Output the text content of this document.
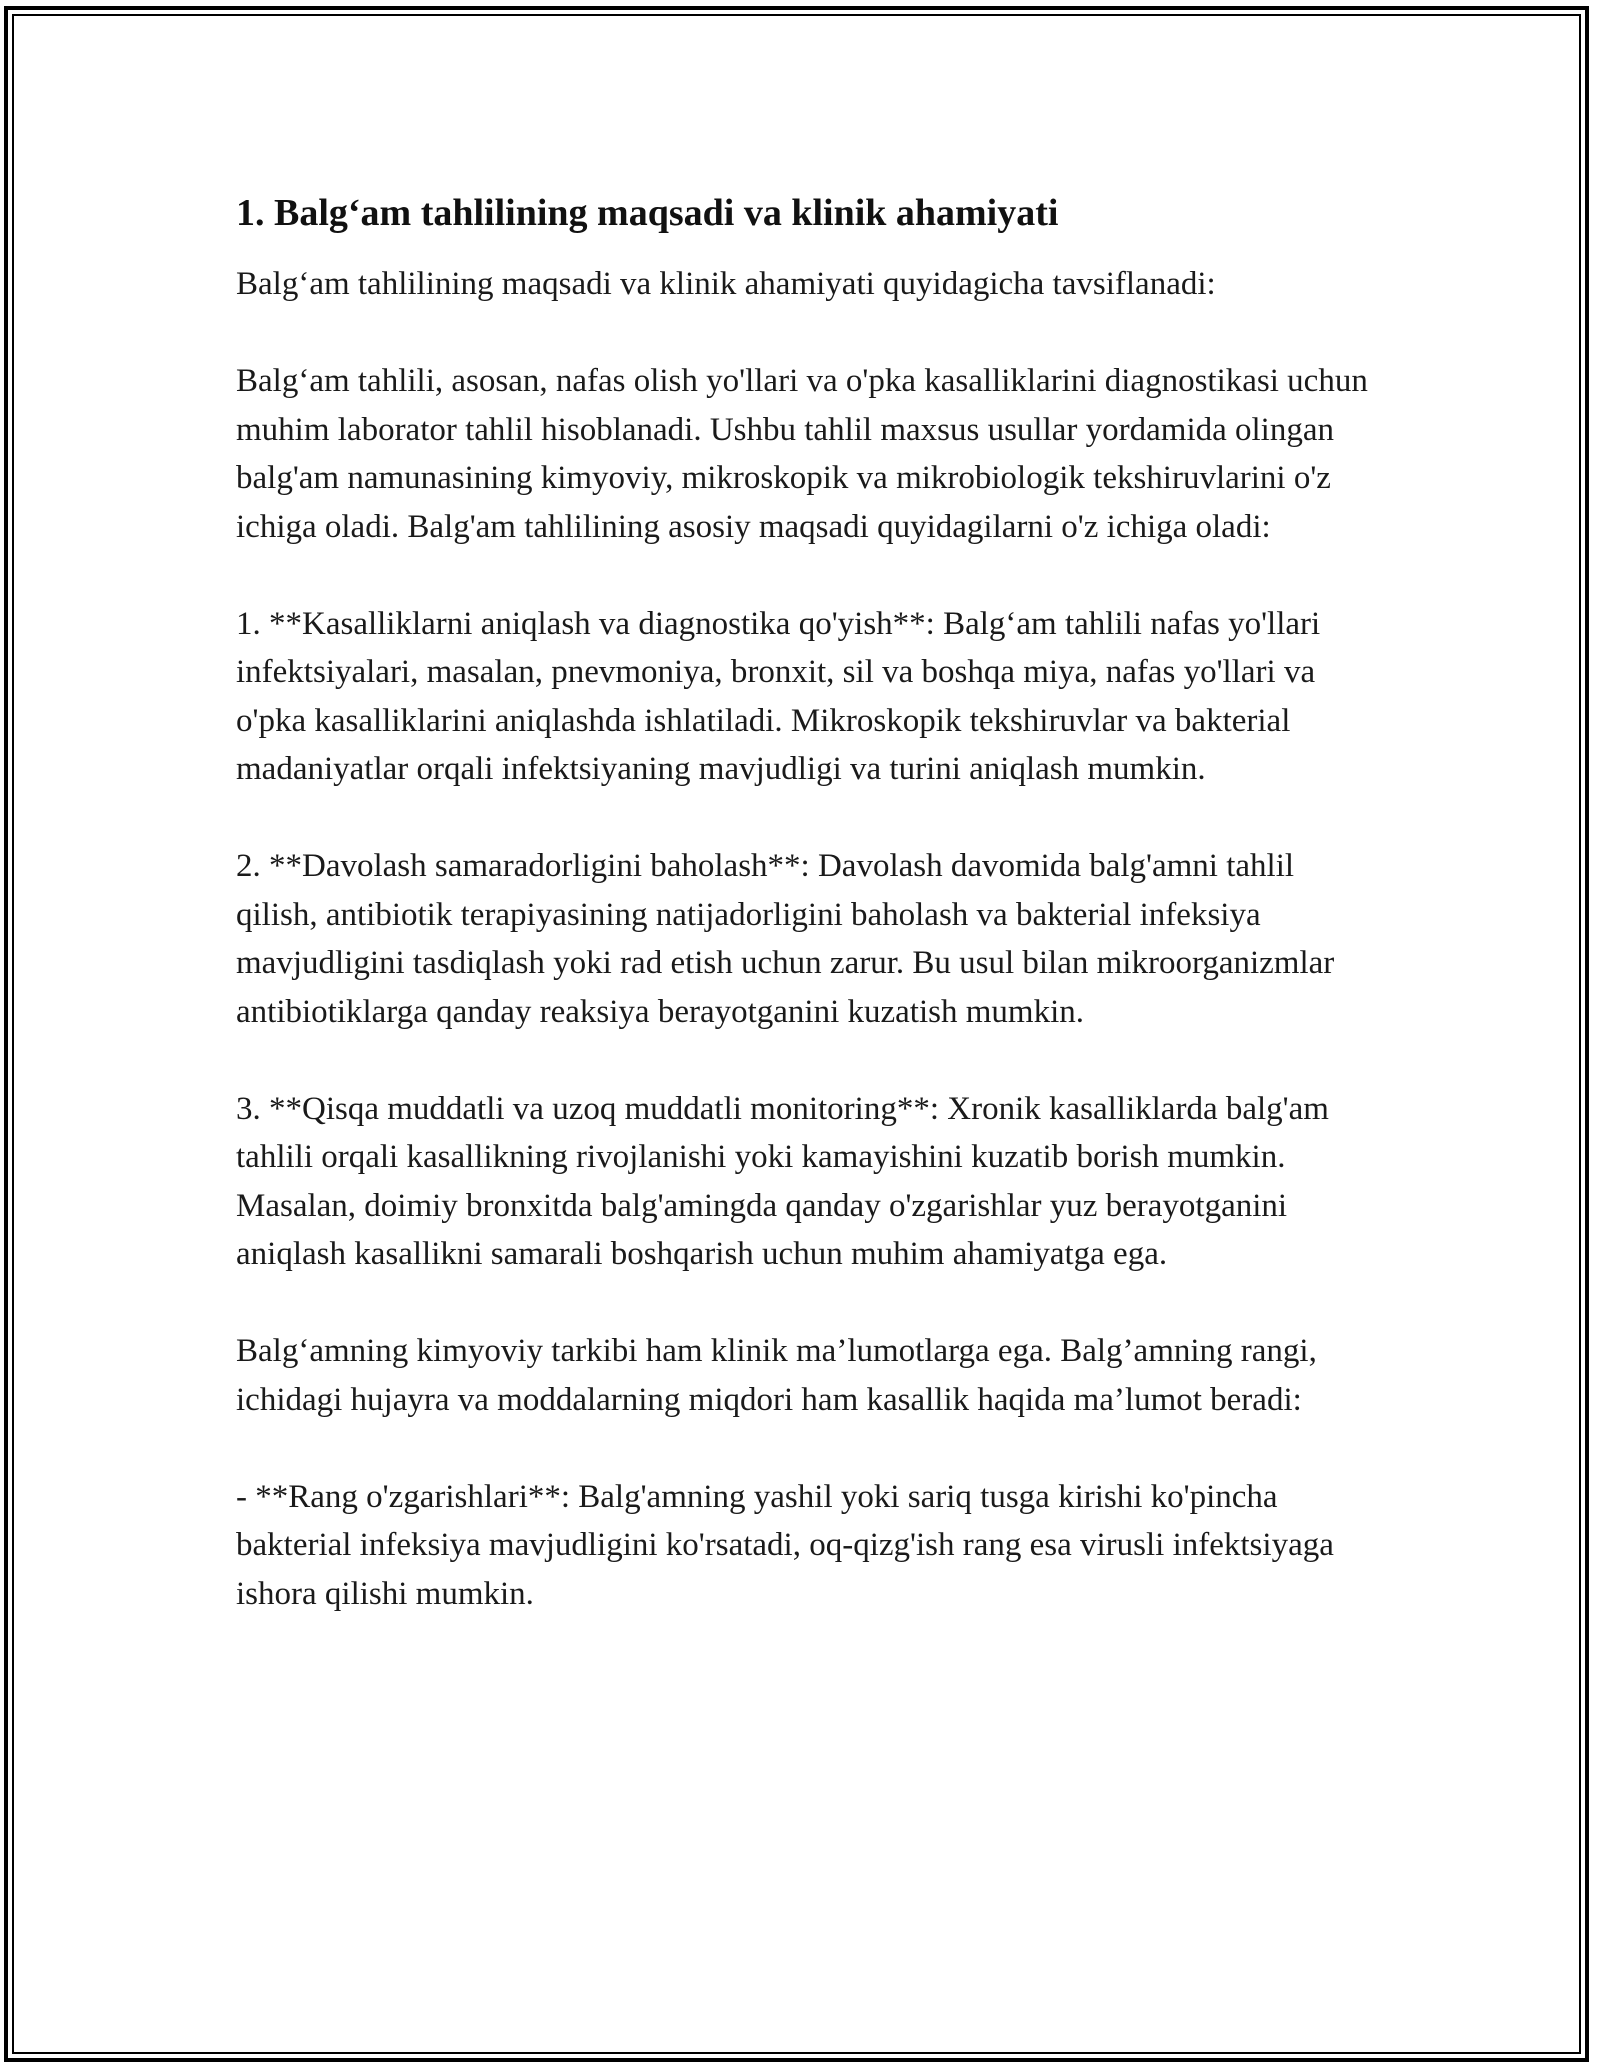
1. Balg‘am tahlilining maqsadi va klinik ahamiyati

Balg‘am tahlilining maqsadi va klinik ahamiyati quyidagicha tavsiflanadi:

Balg‘am tahlili, asosan, nafas olish yo'llari va o'pka kasalliklarini diagnostikasi uchun muhim laborator tahlil hisoblanadi. Ushbu tahlil maxsus usullar yordamida olingan balg'am namunasining kimyoviy, mikroskopik va mikrobiologik tekshiruvlarini o'z ichiga oladi. Balg'am tahlilining asosiy maqsadi quyidagilarni o'z ichiga oladi:

1. **Kasalliklarni aniqlash va diagnostika qo'yish**: Balg‘am tahlili nafas yo'llari infektsiyalari, masalan, pnevmoniya, bronxit, sil va boshqa miya, nafas yo'llari va o'pka kasalliklarini aniqlashda ishlatiladi. Mikroskopik tekshiruvlar va bakterial madaniyatlar orqali infektsiyaning mavjudligi va turini aniqlash mumkin.

2. **Davolash samaradorligini baholash**: Davolash davomida balg'amni tahlil qilish, antibiotik terapiyasining natijadorligini baholash va bakterial infeksiya mavjudligini tasdiqlash yoki rad etish uchun zarur. Bu usul bilan mikroorganizmlar antibiotiklarga qanday reaksiya berayotganini kuzatish mumkin.

3. **Qisqa muddatli va uzoq muddatli monitoring**: Xronik kasalliklarda balg'am tahlili orqali kasallikning rivojlanishi yoki kamayishini kuzatib borish mumkin. Masalan, doimiy bronxitda balg'amingda qanday o'zgarishlar yuz berayotganini aniqlash kasallikni samarali boshqarish uchun muhim ahamiyatga ega.

Balg‘amning kimyoviy tarkibi ham klinik ma’lumotlarga ega. Balg’amning rangi, ichidagi hujayra va moddalarning miqdori ham kasallik haqida ma’lumot beradi:

- **Rang o'zgarishlari**: Balg'amning yashil yoki sariq tusga kirishi ko'pincha bakterial infeksiya mavjudligini ko'rsatadi, oq-qizg'ish rang esa virusli infektsiyaga ishora qilishi mumkin.
